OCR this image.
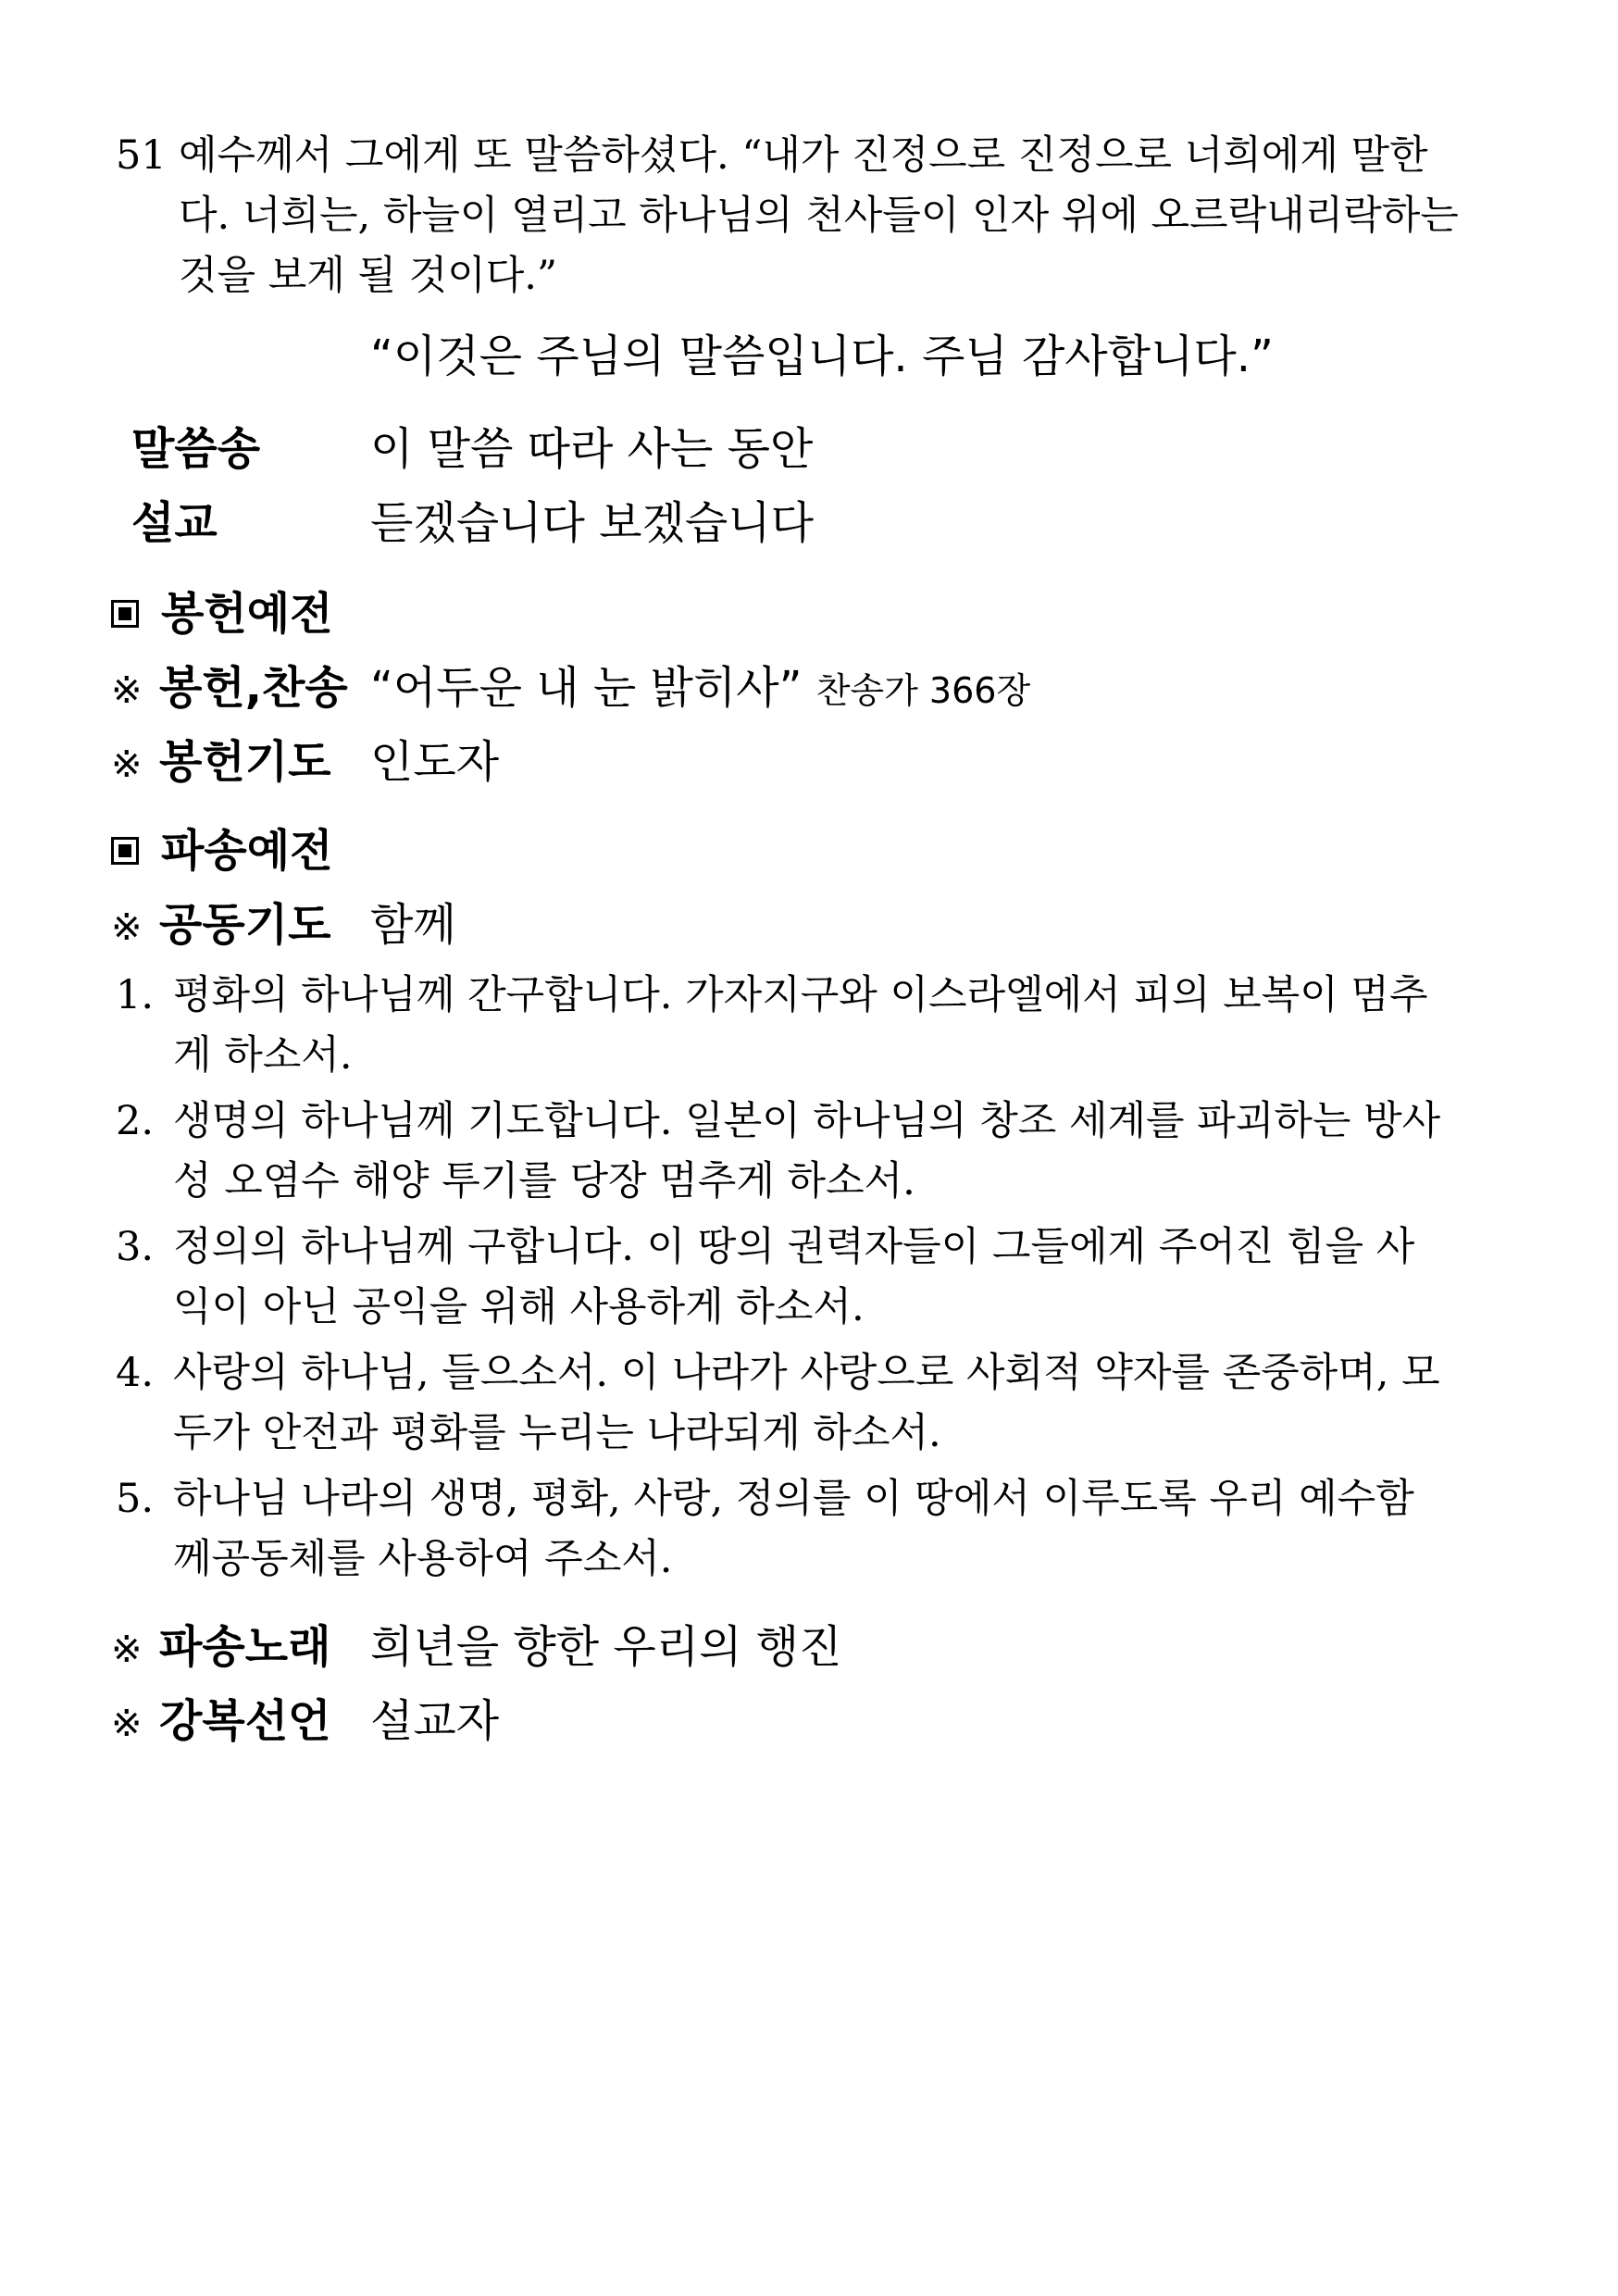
51 예수께서 그에게 또 말씀하셨다. “내가 진정으로 진정으로 너희에게 말한
다. 너희는, 하늘이 열리고 하나님의 천사들이 인자 위에 오르락내리락하는
것을 보게 될 것이다.”
“이것은 주님의 말씀입니다. 주님 감사합니다.”
말씀송 이 말씀 따라 사는 동안
설교	듣겠습니다 보겠습니다
봉헌예전
※ 봉헌,찬송 “어두운 내 눈 밝히사” 찬송가 366장
※ 봉헌기도 인도자
파송예전
※ 공동기도 함께
1. 평화의 하나님께 간구합니다. 가자지구와 이스라엘에서 피의 보복이 멈추
게 하소서.
2. 생명의 하나님께 기도합니다. 일본이 하나님의 창조 세계를 파괴하는 방사
성 오염수 해양 투기를 당장 멈추게 하소서.
3. 정의의 하나님께 구합니다. 이 땅의 권력자들이 그들에게 주어진 힘을 사
익이 아닌 공익을 위해 사용하게 하소서.
4. 사랑의 하나님, 들으소서. 이 나라가 사랑으로 사회적 약자를 존중하며, 모
두가 안전과 평화를 누리는 나라되게 하소서.
5. 하나님 나라의 생명, 평화, 사랑, 정의를 이 땅에서 이루도록 우리 예수함
께공동체를 사용하여 주소서.
※ 파송노래 희년을 향한 우리의 행진
※ 강복선언 설교자
